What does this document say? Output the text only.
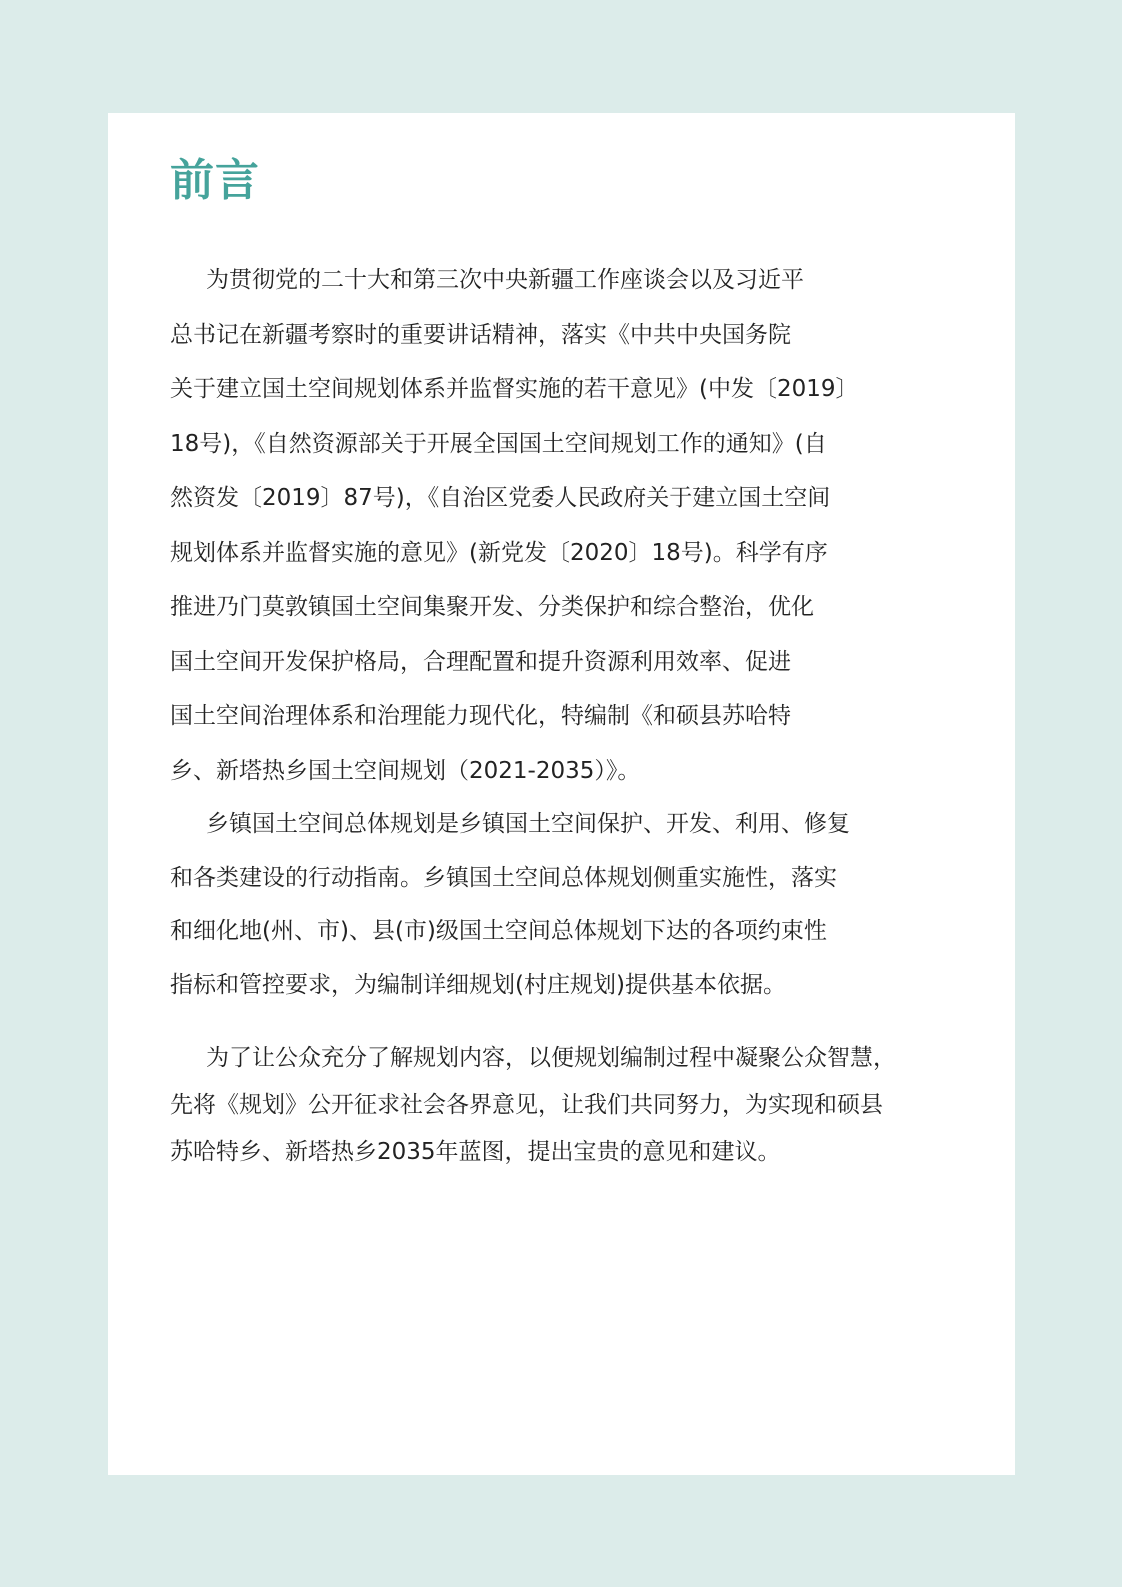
前言

为贯彻党的二十大和第三次中央新疆工作座谈会以及习近平
总书记在新疆考察时的重要讲话精神，落实《中共中央国务院
关于建立国土空间规划体系并监督实施的若干意见》(中发〔2019〕
18号)，《自然资源部关于开展全国国土空间规划工作的通知》(自
然资发〔2019〕87号)，《自治区党委人民政府关于建立国土空间
规划体系并监督实施的意见》(新党发〔2020〕18号)。科学有序
推进乃门莫敦镇国土空间集聚开发、分类保护和综合整治，优化
国土空间开发保护格局，合理配置和提升资源利用效率、促进
国土空间治理体系和治理能力现代化，特编制《和硕县苏哈特
乡、新塔热乡国土空间规划（2021-2035）》。

乡镇国土空间总体规划是乡镇国土空间保护、开发、利用、修复
和各类建设的行动指南。乡镇国土空间总体规划侧重实施性，落实
和细化地(州、市)、县(市)级国土空间总体规划下达的各项约束性
指标和管控要求，为编制详细规划(村庄规划)提供基本依据。

为了让公众充分了解规划内容，以便规划编制过程中凝聚公众智慧，
先将《规划》公开征求社会各界意见，让我们共同努力，为实现和硕县
苏哈特乡、新塔热乡2035年蓝图，提出宝贵的意见和建议。
